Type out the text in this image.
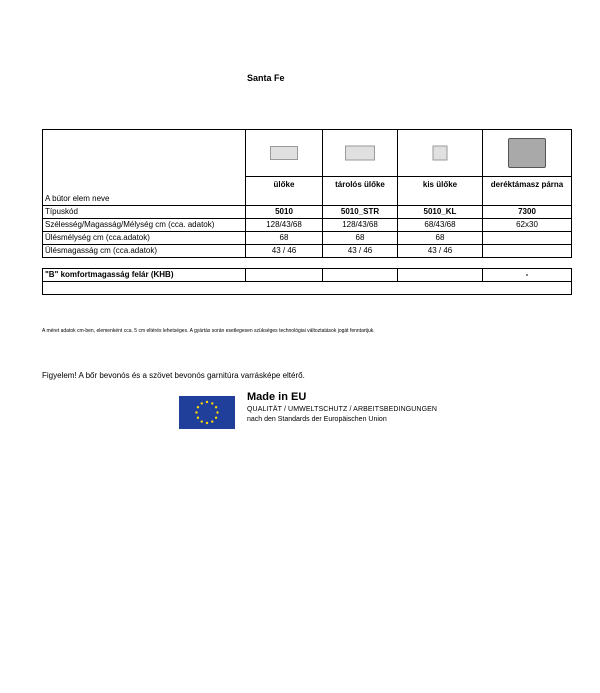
Santa Fe
A bútor elem neve	

	ülőke	tárolós ülőke	kis ülőke	deréktámasz párna
Típuskód	5010	5010_STR	5010_KL	7300
Szélesség/Magasság/Mélység cm (cca. adatok)	128/43/68	128/43/68	68/43/68	62x30
Ülésmélység cm (cca.adatok)	68	68	68	
Ülésmagasság cm (cca.adatok)	43 / 46	43 / 46	43 / 46	
"B" komfortmagasság felár (KHB)				-

A méret adatok cm-ben, elemenként cca. 5 cm eltérés lehetséges. A gyártás során esetlegesen szükséges technológiai változtatások jogát fenntartjuk.
Figyelem! A bőr bevonós és a szövet bevonós garnitúra varrásképe eltérő.
Made in EU
QUALITÄT / UMWELTSCHUTZ / ARBEITSBEDINGUNGEN
nach den Standards der Europäischen Union
